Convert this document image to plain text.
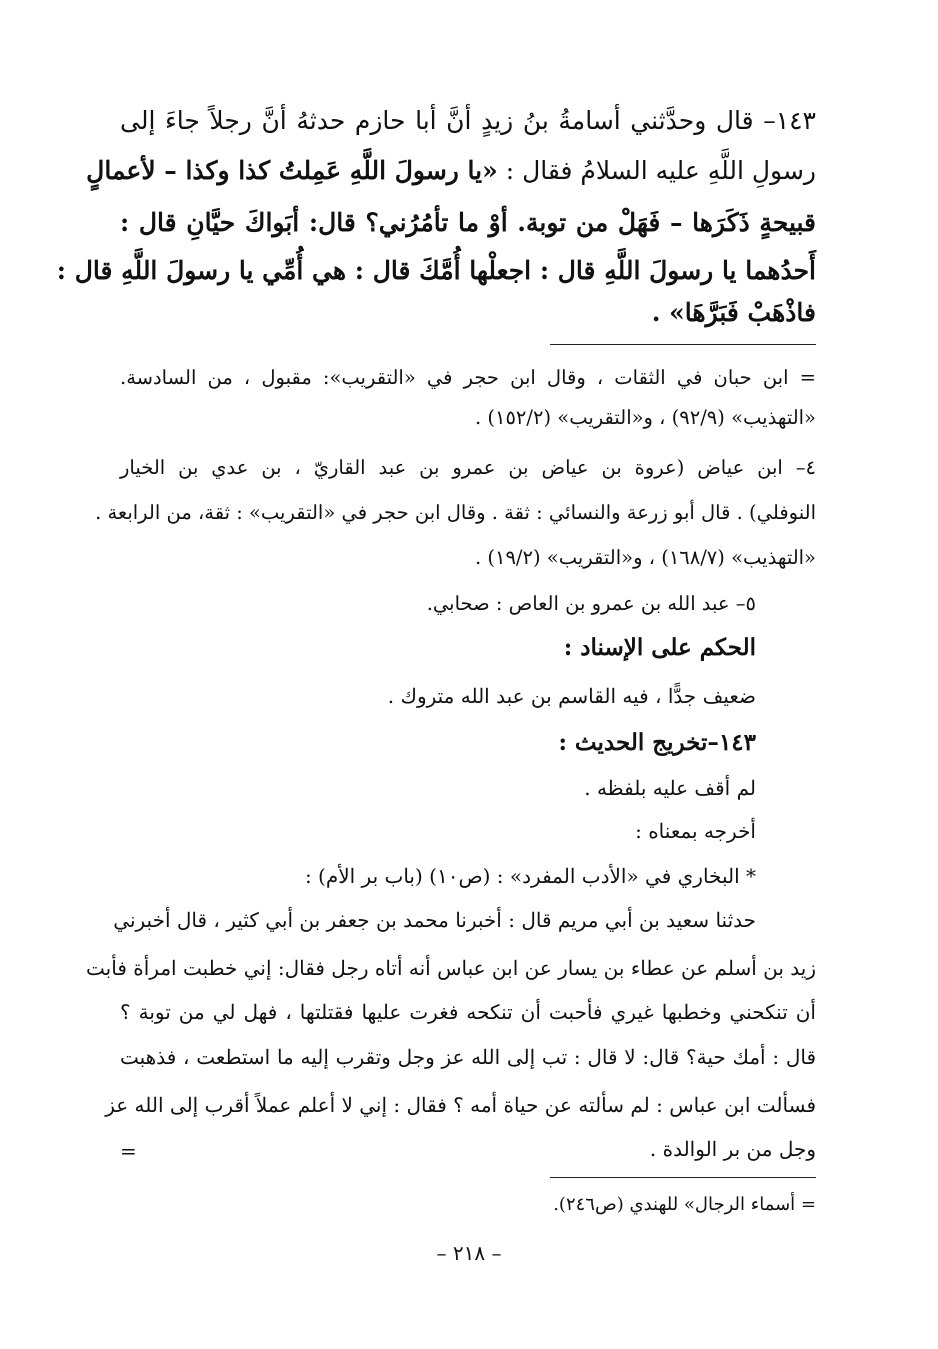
١٤٣– قال وحدَّثني أسامةُ بنُ زيدٍ أنَّ أبا حازم حدثهُ أنَّ رجلاً جاءَ إلى
رسولِ اللَّهِ عليه السلامُ فقال : «يا رسولَ اللَّهِ عَمِلتُ كذا وكذا – لأعمالٍ
قبيحةٍ ذَكَرَها – فَهَلْ من توبة. أوْ ما تأمُرُني؟ قال: أبَواكَ حيَّانِ قال :
أَحدُهما يا رسولَ اللَّهِ قال : اجعلْها أُمَّكَ قال : هي أُمِّي يا رسولَ اللَّهِ قال :
فاذْهَبْ فَبَرَّهَا» .
= ابن حبان في الثقات ، وقال ابن حجر في «التقريب»: مقبول ، من السادسة.
«التهذيب» (٩٢/٩) ، و«التقريب» (١٥٢/٢) .
٤– ابن عياض (عروة بن عياض بن عمرو بن عبد القاريّ ، بن عدي بن الخيار
النوفلي) . قال أبو زرعة والنسائي : ثقة . وقال ابن حجر في «التقريب» : ثقة، من الرابعة .
«التهذيب» (١٦٨/٧) ، و«التقريب» (١٩/٢) .
٥– عبد الله بن عمرو بن العاص : صحابي.
الحكم على الإسناد :
ضعيف جدًّا ، فيه القاسم بن عبد الله متروك .
١٤٣–تخريج الحديث :
لم أقف عليه بلفظه .
أخرجه بمعناه :
* البخاري في «الأدب المفرد» : (ص١٠) (باب بر الأم) :
حدثنا سعيد بن أبي مريم قال : أخبرنا محمد بن جعفر بن أبي كثير ، قال أخبرني
زيد بن أسلم عن عطاء بن يسار عن ابن عباس أنه أتاه رجل فقال: إني خطبت امرأة فأبت
أن تنكحني وخطبها غيري فأحبت أن تنكحه فغرت عليها فقتلتها ، فهل لي من توبة ؟
قال : أمك حية؟ قال: لا قال : تب إلى الله عز وجل وتقرب إليه ما استطعت ، فذهبت
فسألت ابن عباس : لم سألته عن حياة أمه ؟ فقال : إني لا أعلم عملاً أقرب إلى الله عز
وجل من بر الوالدة .
=
= أسماء الرجال» للهندي (ص٢٤٦).
– ٢١٨ –
